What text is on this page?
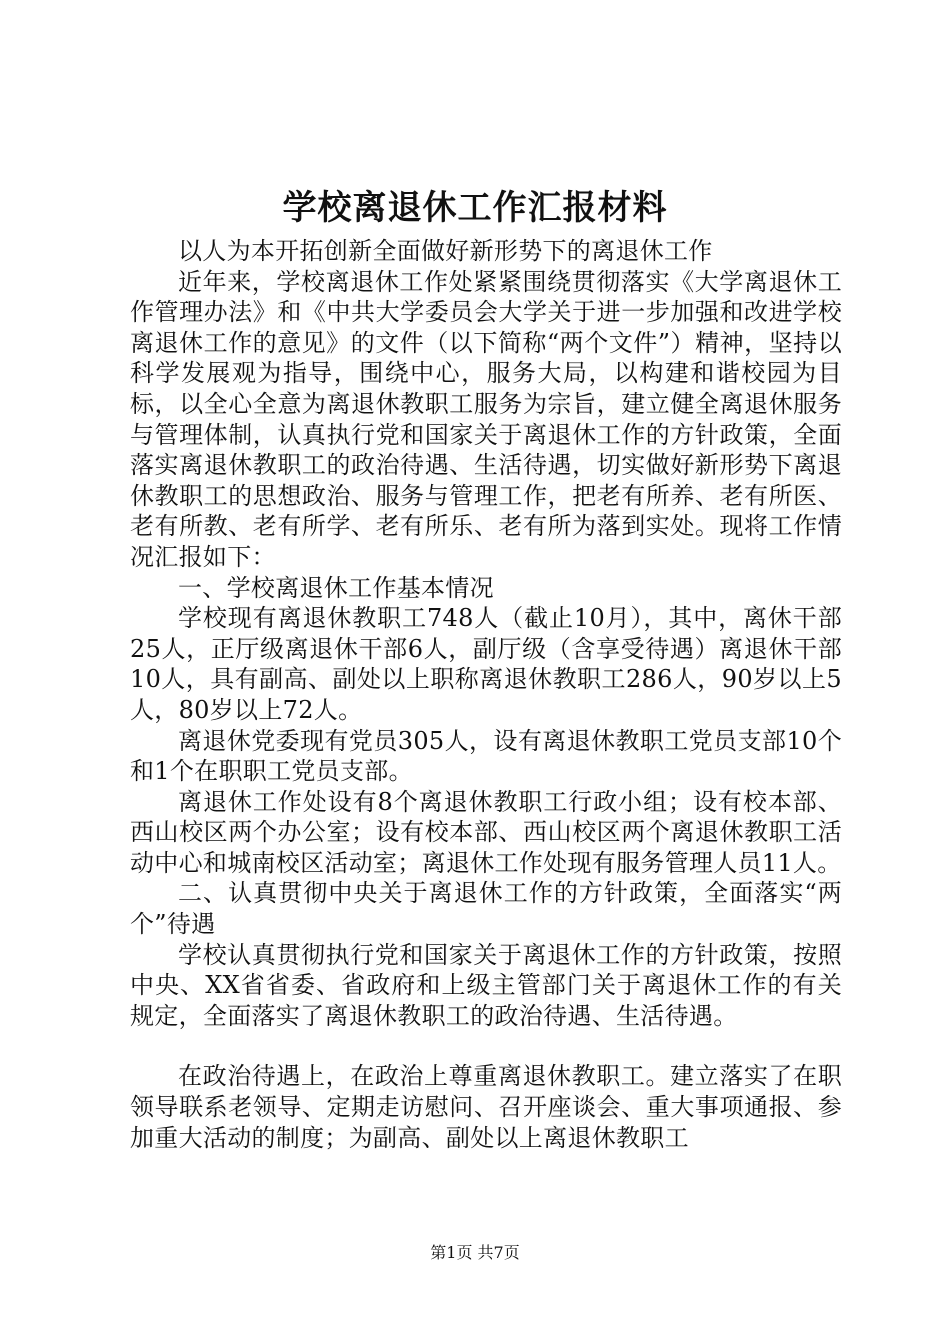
学校离退休工作汇报材料

以人为本开拓创新全面做好新形势下的离退休工作

近年来，学校离退休工作处紧紧围绕贯彻落实《大学离退休工作管理办法》和《中共大学委员会大学关于进一步加强和改进学校离退休工作的意见》的文件（以下简称“两个文件”）精神，坚持以科学发展观为指导，围绕中心，服务大局，以构建和谐校园为目标，以全心全意为离退休教职工服务为宗旨，建立健全离退休服务与管理体制，认真执行党和国家关于离退休工作的方针政策，全面落实离退休教职工的政治待遇、生活待遇，切实做好新形势下离退休教职工的思想政治、服务与管理工作，把老有所养、老有所医、老有所教、老有所学、老有所乐、老有所为落到实处。现将工作情况汇报如下：

一、学校离退休工作基本情况

学校现有离退休教职工748人（截止10月），其中，离休干部25人，正厅级离退休干部6人，副厅级（含享受待遇）离退休干部10人，具有副高、副处以上职称离退休教职工286人，90岁以上5人，80岁以上72人。

离退休党委现有党员305人，设有离退休教职工党员支部10个和1个在职职工党员支部。

离退休工作处设有8个离退休教职工行政小组；设有校本部、西山校区两个办公室；设有校本部、西山校区两个离退休教职工活动中心和城南校区活动室；离退休工作处现有服务管理人员11人。

二、认真贯彻中央关于离退休工作的方针政策，全面落实“两个”待遇

学校认真贯彻执行党和国家关于离退休工作的方针政策，按照中央、XX省省委、省政府和上级主管部门关于离退休工作的有关规定，全面落实了离退休教职工的政治待遇、生活待遇。

在政治待遇上，在政治上尊重离退休教职工。建立落实了在职领导联系老领导、定期走访慰问、召开座谈会、重大事项通报、参加重大活动的制度；为副高、副处以上离退休教职工

第1页 共7页
